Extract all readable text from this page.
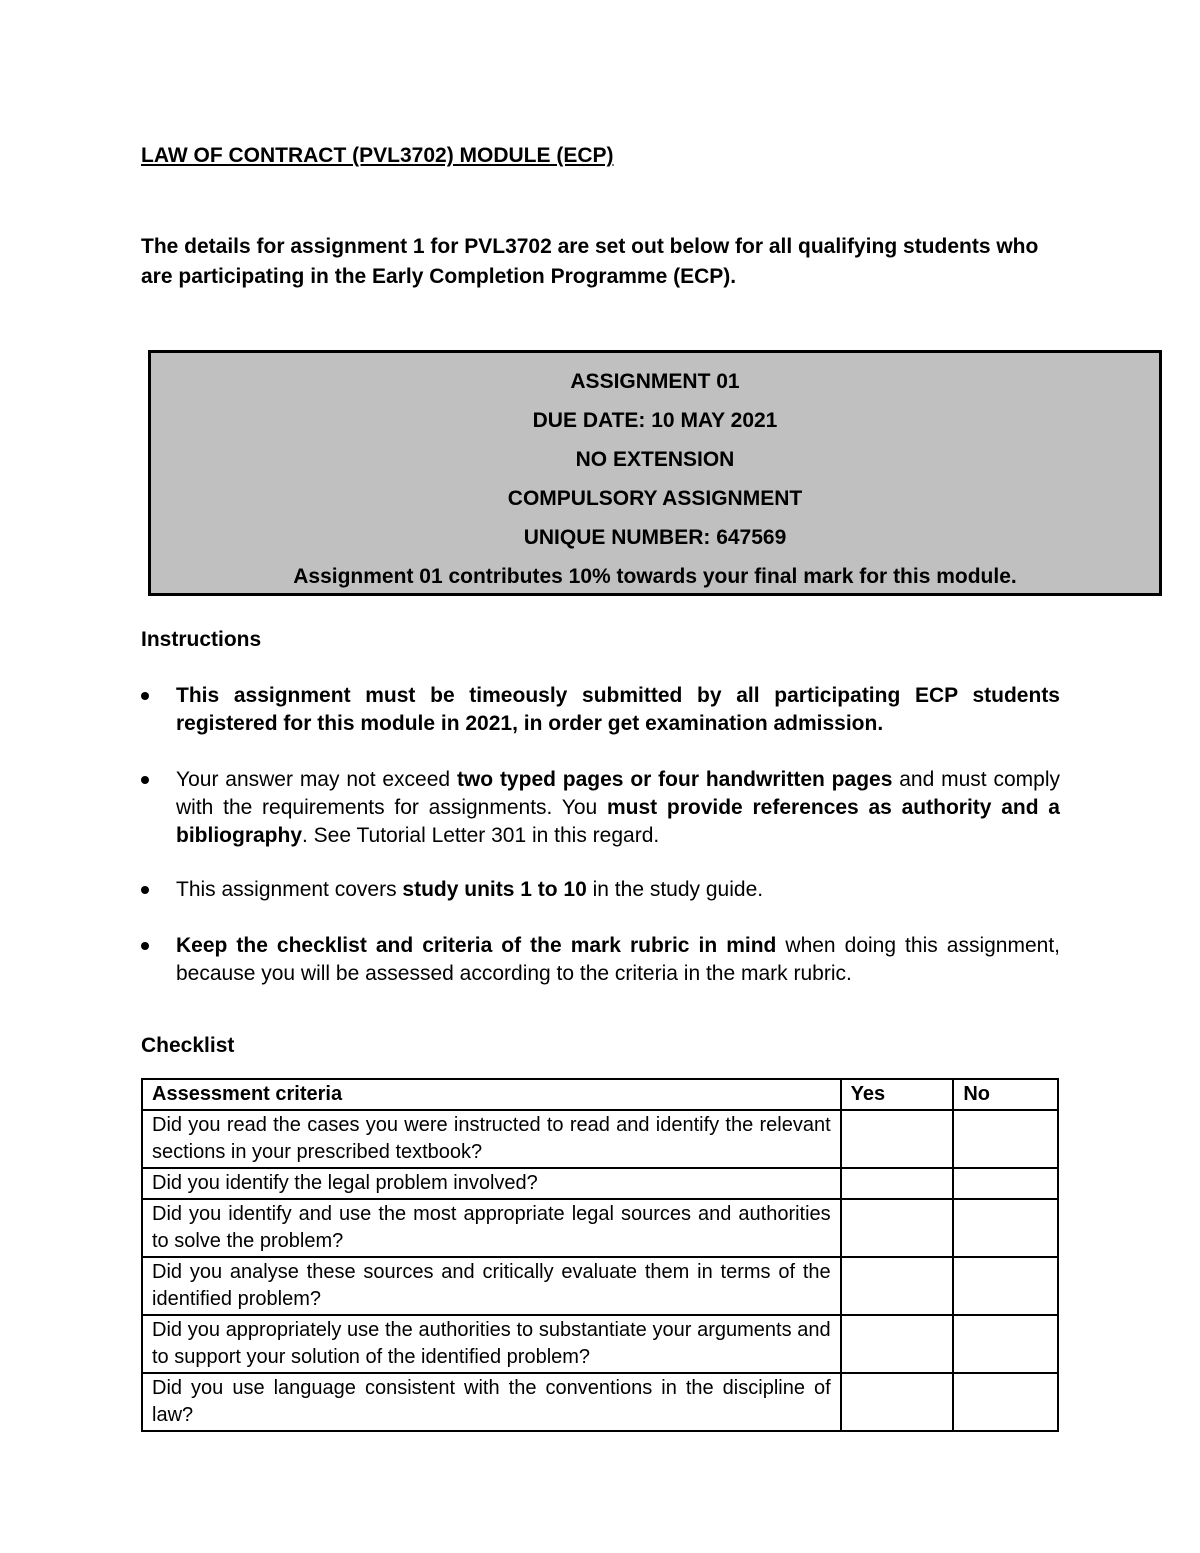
LAW OF CONTRACT (PVL3702) MODULE (ECP)

The details for assignment 1 for PVL3702 are set out below for all qualifying students who are participating in the Early Completion Programme (ECP).

ASSIGNMENT 01
DUE DATE: 10 MAY 2021
NO EXTENSION
COMPULSORY ASSIGNMENT
UNIQUE NUMBER: 647569
Assignment 01 contributes 10% towards your final mark for this module.
Instructions
This assignment must be timeously submitted by all participating ECP students registered for this module in 2021, in order get examination admission.
Your answer may not exceed two typed pages or four handwritten pages and must comply with the requirements for assignments. You must provide references as authority and a bibliography. See Tutorial Letter 301 in this regard.
This assignment covers study units 1 to 10 in the study guide.
Keep the checklist and criteria of the mark rubric in mind when doing this assignment, because you will be assessed according to the criteria in the mark rubric.
Checklist
Assessment criteria	Yes	No
Did you read the cases you were instructed to read and identify the relevant sections in your prescribed textbook?		
Did you identify the legal problem involved?		
Did you identify and use the most appropriate legal sources and authorities to solve the problem?		
Did you analyse these sources and critically evaluate them in terms of the identified problem?		
Did you appropriately use the authorities to substantiate your arguments and to support your solution of the identified problem?		
Did you use language consistent with the conventions in the discipline of law?		
